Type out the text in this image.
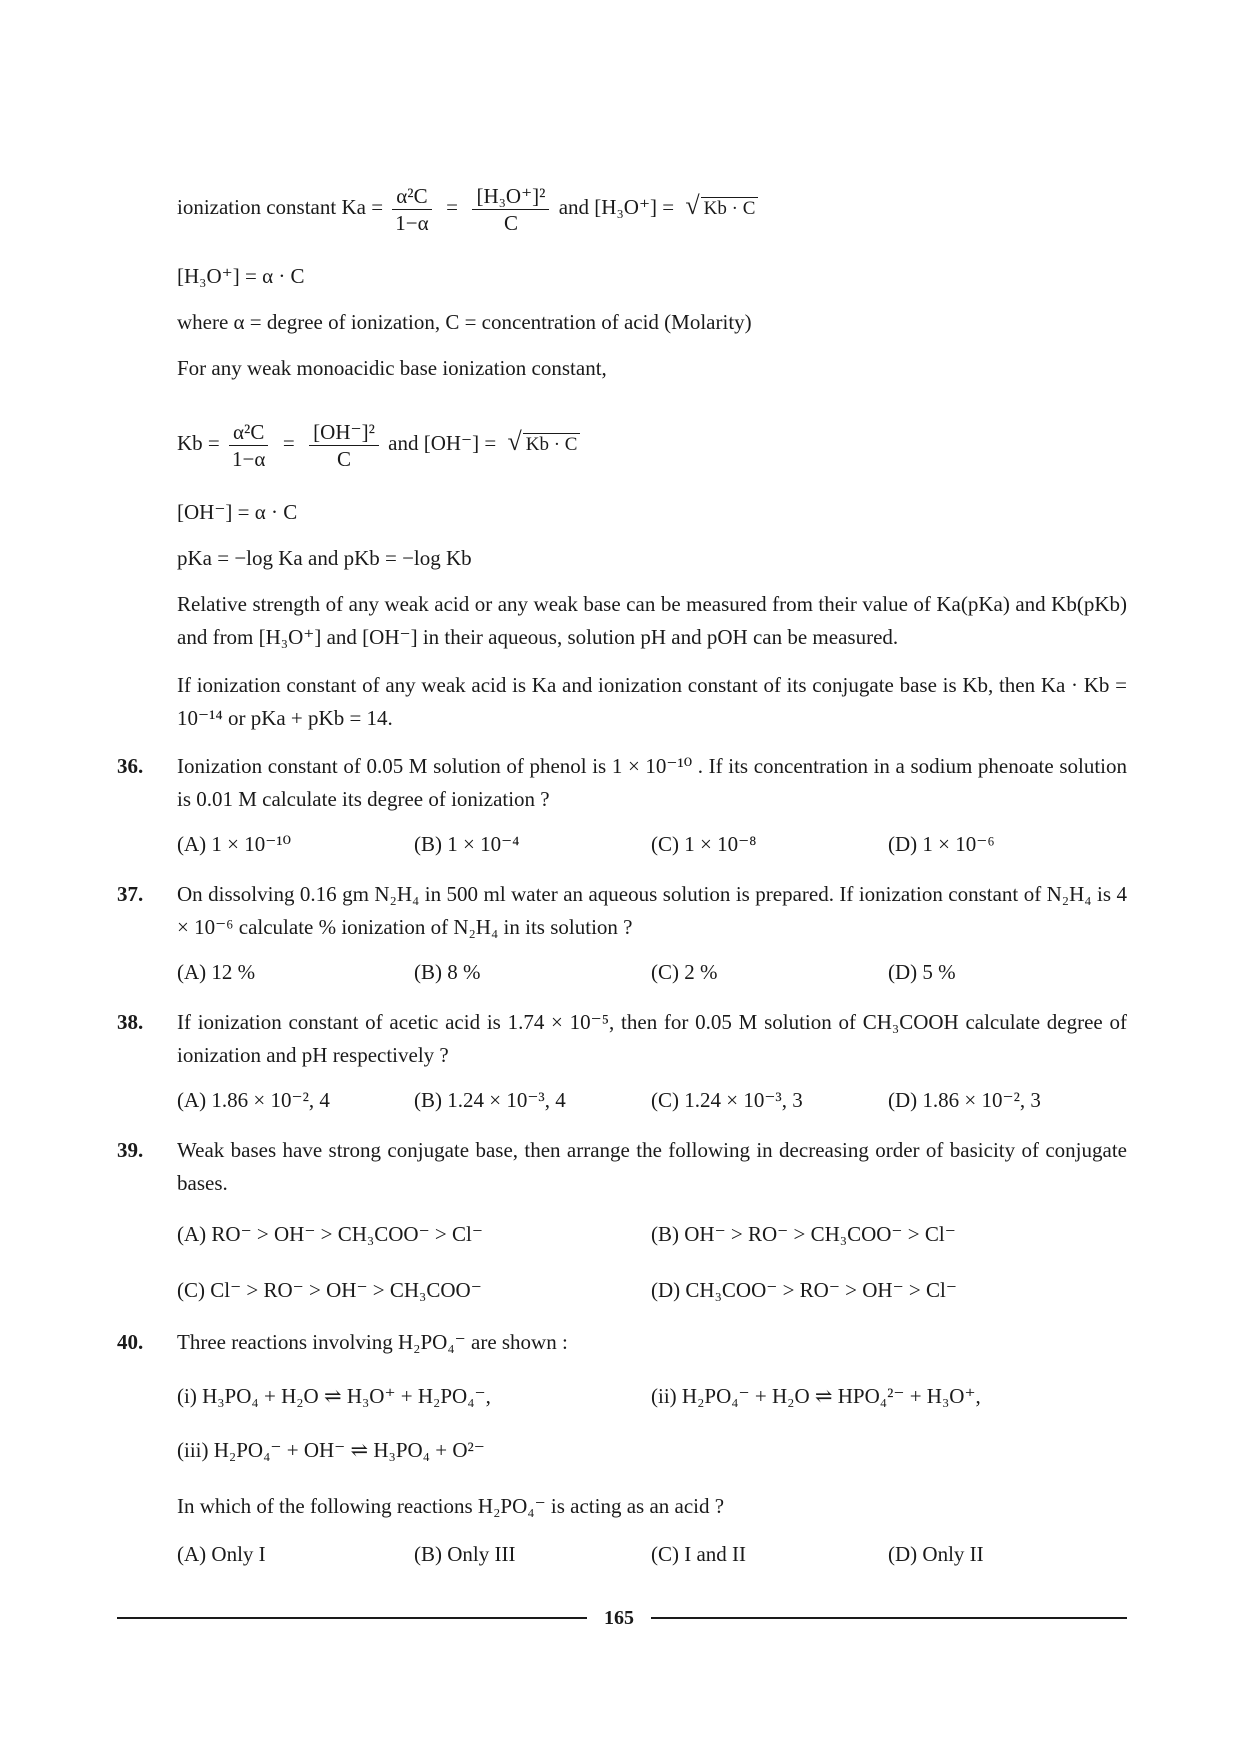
ionization constant $Ka = \frac{\text{α²C}}{1-\alpha} = \frac{\text{[H₃O⁺]²}}{C}$ and [H₃O⁺] = √ Kb · C
[H₃O⁺] = α · C
where α = degree of ionization, C = concentration of acid (Molarity)
For any weak monoacidic base ionization constant,
$Kb = \frac{\text{α²C}}{1-\alpha} = \frac{\text{[OH⁻]²}}{C}$ and [OH⁻] = √ Kb · C
[OH⁻] = α · C
pKa = −log Ka and pKb = −log Kb
Relative strength of any weak acid or any weak base can be measured from their value of Ka(pKa) and Kb(pKb) and from [H₃O⁺] and [OH⁻] in their aqueous, solution pH and pOH can be measured.
If ionization constant of any weak acid is Ka and ionization constant of its conjugate base is Kb, then Ka · Kb = 10⁻¹⁴ or pKa + pKb = 14.
36. Ionization constant of 0.05 M solution of phenol is 1 × 10⁻¹⁰ . If its concentration in a sodium phenoate solution is 0.01 M calculate its degree of ionization ?
(A) 1 × 10⁻¹⁰	(B) 1 × 10⁻⁴	(C) 1 × 10⁻⁸	(D) 1 × 10⁻⁶
37. On dissolving 0.16 gm N₂H₄ in 500 ml water an aqueous solution is prepared. If ionization constant of N₂H₄ is 4 × 10⁻⁶ calculate % ionization of N₂H₄ in its solution ?
(A) 12 %	(B) 8 %	(C) 2 %	(D) 5 %
38. If ionization constant of acetic acid is 1.74 × 10⁻⁵, then for 0.05 M solution of CH₃COOH calculate degree of ionization and pH respectively ?
(A) 1.86 × 10⁻², 4	(B) 1.24 × 10⁻³, 4	(C) 1.24 × 10⁻³, 3	(D) 1.86 × 10⁻², 3
39. Weak bases have strong conjugate base, then arrange the following in decreasing order of basicity of conjugate bases.
(A) RO⁻ > OH⁻ > CH₃COO⁻ > Cl⁻	(B) OH⁻ > RO⁻ > CH₃COO⁻ > Cl⁻
(C) Cl⁻ > RO⁻ > OH⁻ > CH₃COO⁻	(D) CH₃COO⁻ > RO⁻ > OH⁻ > Cl⁻
40. Three reactions involving H₂PO₄⁻ are shown :
(i) H₃PO₄ + H₂O ⇌ H₃O⁺ + H₂PO₄⁻,	(ii) H₂PO₄⁻ + H₂O ⇌ HPO₄²⁻ + H₃O⁺,
(iii) H₂PO₄⁻ + OH⁻ ⇌ H₃PO₄ + O²⁻
In which of the following reactions H₂PO₄⁻ is acting as an acid ?
(A) Only I	(B) Only III	(C) I and II	(D) Only II
165
